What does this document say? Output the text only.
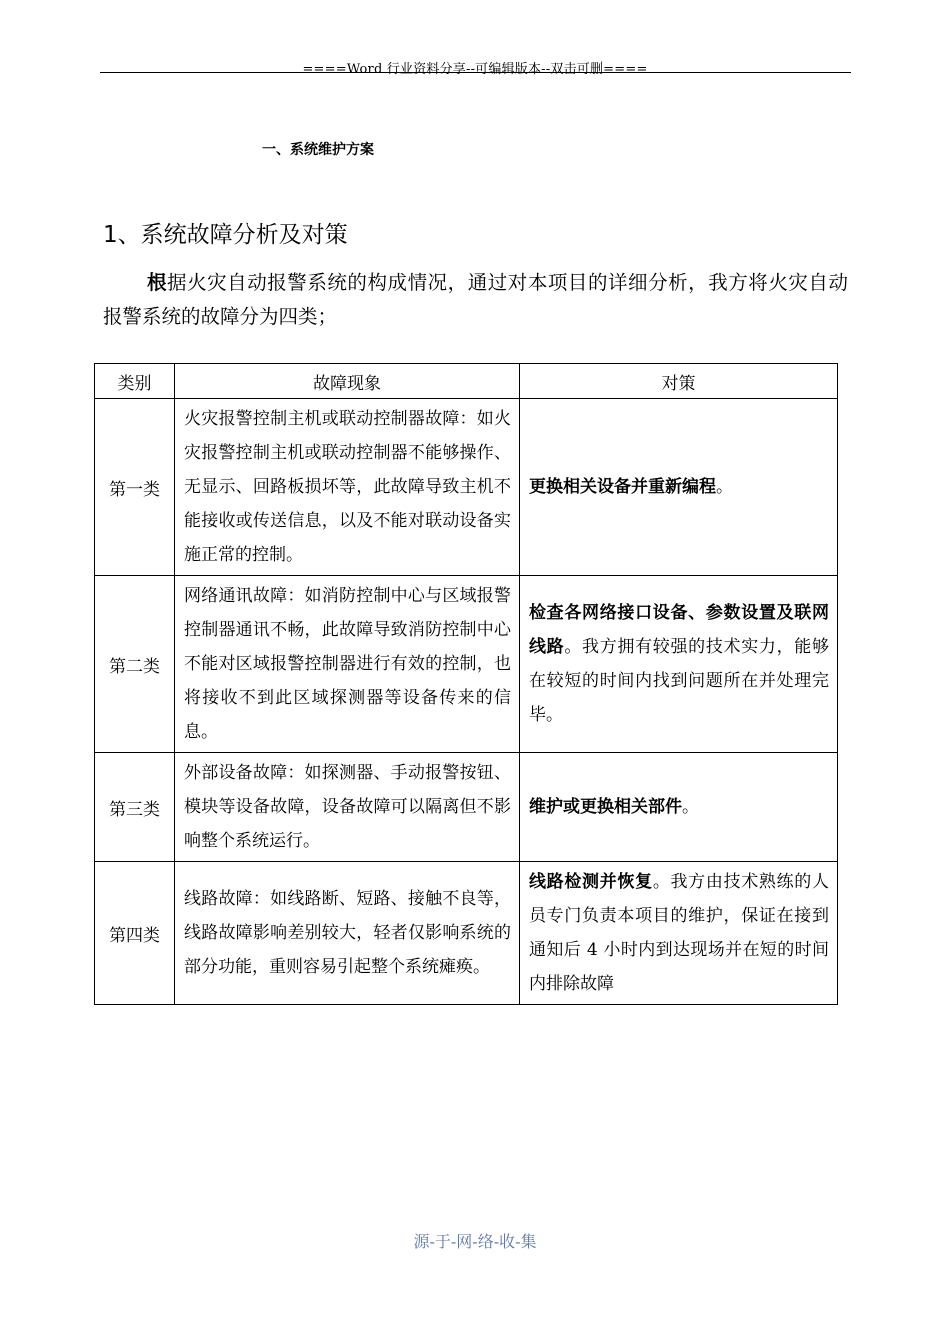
====Word 行业资料分享--可编辑版本--双击可删====
一、系统维护方案
1、系统故障分析及对策
根据火灾自动报警系统的构成情况，通过对本项目的详细分析，我方将火灾自动报警系统的故障分为四类；
类别	故障现象	对策
第一类	火灾报警控制主机或联动控制器故障：如火灾报警控制主机或联动控制器不能够操作、无显示、回路板损坏等，此故障导致主机不能接收或传送信息，以及不能对联动设备实施正常的控制。	更换相关设备并重新编程。
第二类	网络通讯故障：如消防控制中心与区域报警控制器通讯不畅，此故障导致消防控制中心不能对区域报警控制器进行有效的控制，也将接收不到此区域探测器等设备传来的信息。	检查各网络接口设备、参数设置及联网线路。我方拥有较强的技术实力，能够在较短的时间内找到问题所在并处理完毕。
第三类	外部设备故障：如探测器、手动报警按钮、模块等设备故障，设备故障可以隔离但不影响整个系统运行。	维护或更换相关部件。
第四类	线路故障：如线路断、短路、接触不良等，线路故障影响差别较大，轻者仅影响系统的部分功能，重则容易引起整个系统瘫痪。	线路检测并恢复。我方由技术熟练的人员专门负责本项目的维护，保证在接到通知后 4 小时内到达现场并在短的时间内排除故障
源-于-网-络-收-集
